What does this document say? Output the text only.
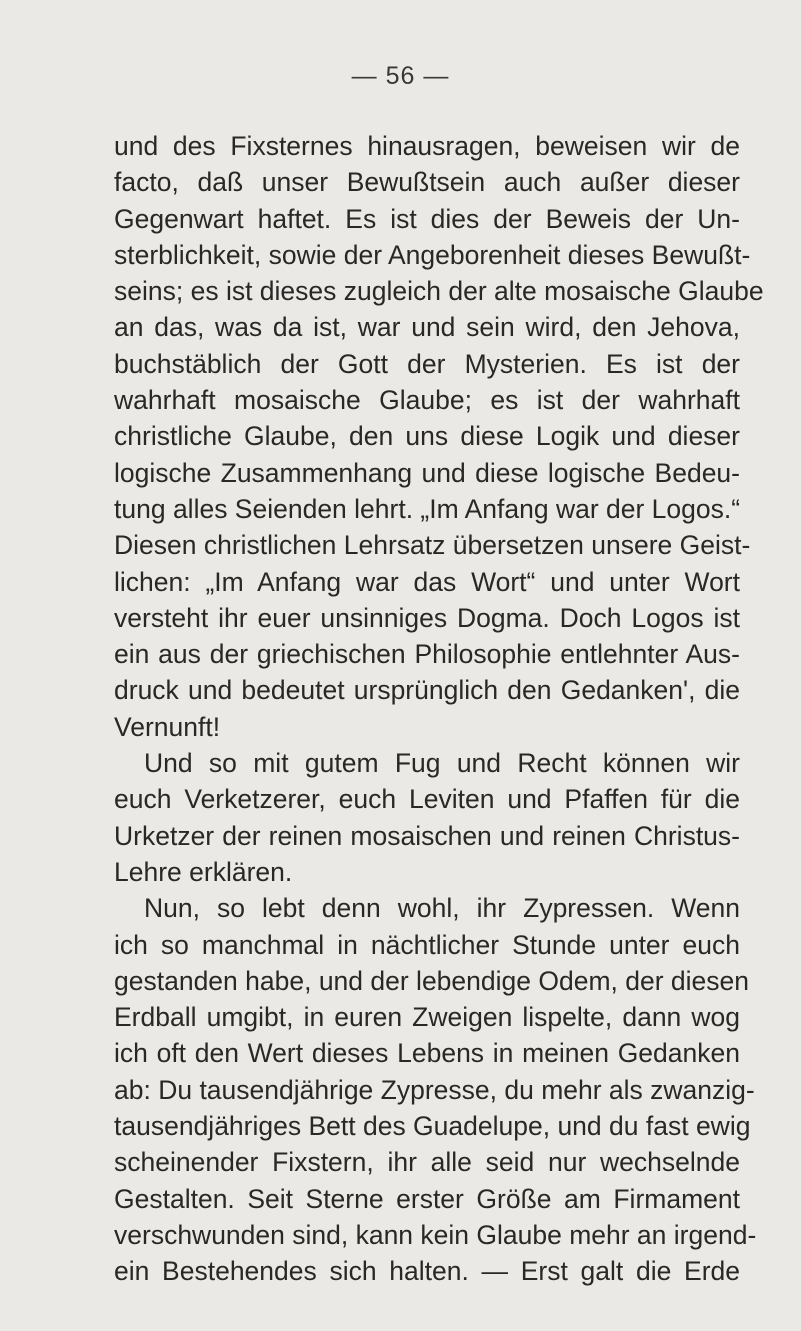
— 56 —
und des Fixsternes hinausragen, beweisen wir de
facto, daß unser Bewußtsein auch außer dieser
Gegenwart haftet. Es ist dies der Beweis der Un-
sterblichkeit, sowie der Angeborenheit dieses Bewußt-
seins; es ist dieses zugleich der alte mosaische Glaube
an das, was da ist, war und sein wird, den Jehova,
buchstäblich der Gott der Mysterien. Es ist der
wahrhaft mosaische Glaube; es ist der wahrhaft
christliche Glaube, den uns diese Logik und dieser
logische Zusammenhang und diese logische Bedeu-
tung alles Seienden lehrt. „Im Anfang war der Logos.“
Diesen christlichen Lehrsatz übersetzen unsere Geist-
lichen: „Im Anfang war das Wort“ und unter Wort
versteht ihr euer unsinniges Dogma. Doch Logos ist
ein aus der griechischen Philosophie entlehnter Aus-
druck und bedeutet ursprünglich den Gedanken', die
Vernunft!
Und so mit gutem Fug und Recht können wir
euch Verketzerer, euch Leviten und Pfaffen für die
Urketzer der reinen mosaischen und reinen Christus-
Lehre erklären.
Nun, so lebt denn wohl, ihr Zypressen. Wenn
ich so manchmal in nächtlicher Stunde unter euch
gestanden habe, und der lebendige Odem, der diesen
Erdball umgibt, in euren Zweigen lispelte, dann wog
ich oft den Wert dieses Lebens in meinen Gedanken
ab: Du tausendjährige Zypresse, du mehr als zwanzig-
tausendjähriges Bett des Guadelupe, und du fast ewig
scheinender Fixstern, ihr alle seid nur wechselnde
Gestalten. Seit Sterne erster Größe am Firmament
verschwunden sind, kann kein Glaube mehr an irgend-
ein Bestehendes sich halten. — Erst galt die Erde
